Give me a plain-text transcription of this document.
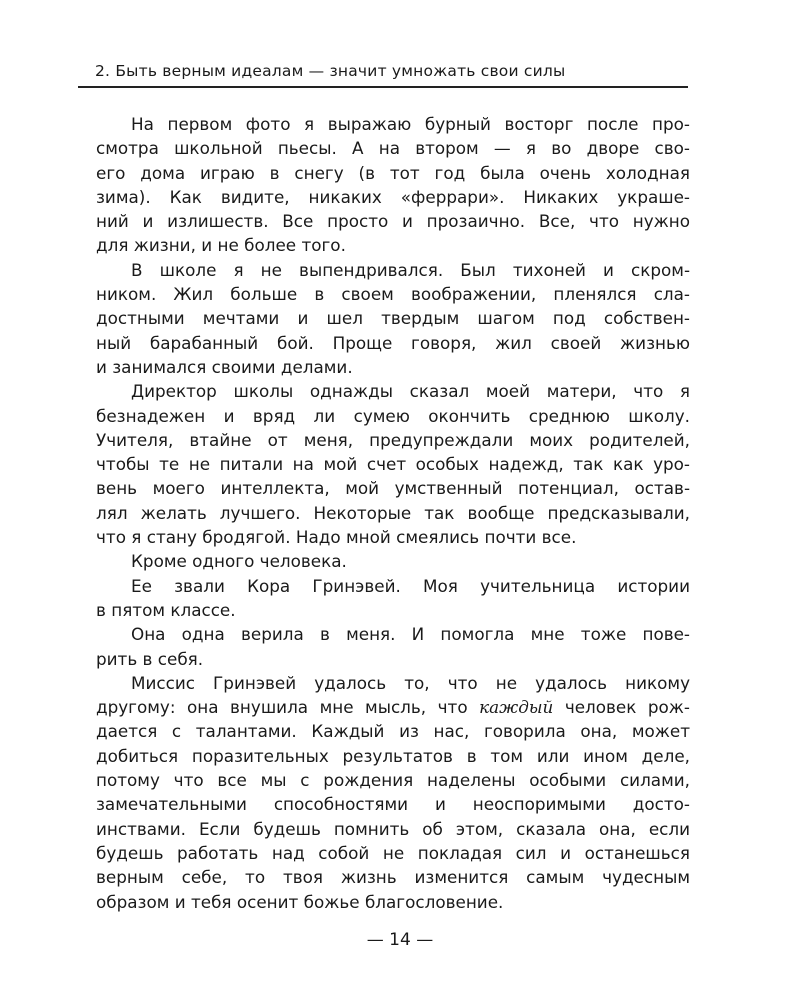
2. Быть верным идеалам — значит умножать свои силы
На первом фото я выражаю бурный восторг после про-
смотра школьной пьесы. А на втором — я во дворе сво-
его дома играю в снегу (в тот год была очень холодная
зима). Как видите, никаких «феррари». Никаких украше-
ний и излишеств. Все просто и прозаично. Все, что нужно
для жизни, и не более того.
В школе я не выпендривался. Был тихоней и скром-
ником. Жил больше в своем воображении, пленялся сла-
достными мечтами и шел твердым шагом под собствен-
ный барабанный бой. Проще говоря, жил своей жизнью
и занимался своими делами.
Директор школы однажды сказал моей матери, что я
безнадежен и вряд ли сумею окончить среднюю школу.
Учителя, втайне от меня, предупреждали моих родителей,
чтобы те не питали на мой счет особых надежд, так как уро-
вень моего интеллекта, мой умственный потенциал, остав-
лял желать лучшего. Некоторые так вообще предсказывали,
что я стану бродягой. Надо мной смеялись почти все.
Кроме одного человека.
Ее звали Кора Гринэвей. Моя учительница истории
в пятом классе.
Она одна верила в меня. И помогла мне тоже пове-
рить в себя.
Миссис Гринэвей удалось то, что не удалось никому
другому: она внушила мне мысль, что каждый человек рож-
дается с талантами. Каждый из нас, говорила она, может
добиться поразительных результатов в том или ином деле,
потому что все мы с рождения наделены особыми силами,
замечательными способностями и неоспоримыми досто-
инствами. Если будешь помнить об этом, сказала она, если
будешь работать над собой не покладая сил и останешься
верным себе, то твоя жизнь изменится самым чудесным
образом и тебя осенит божье благословение.
— 14 —
